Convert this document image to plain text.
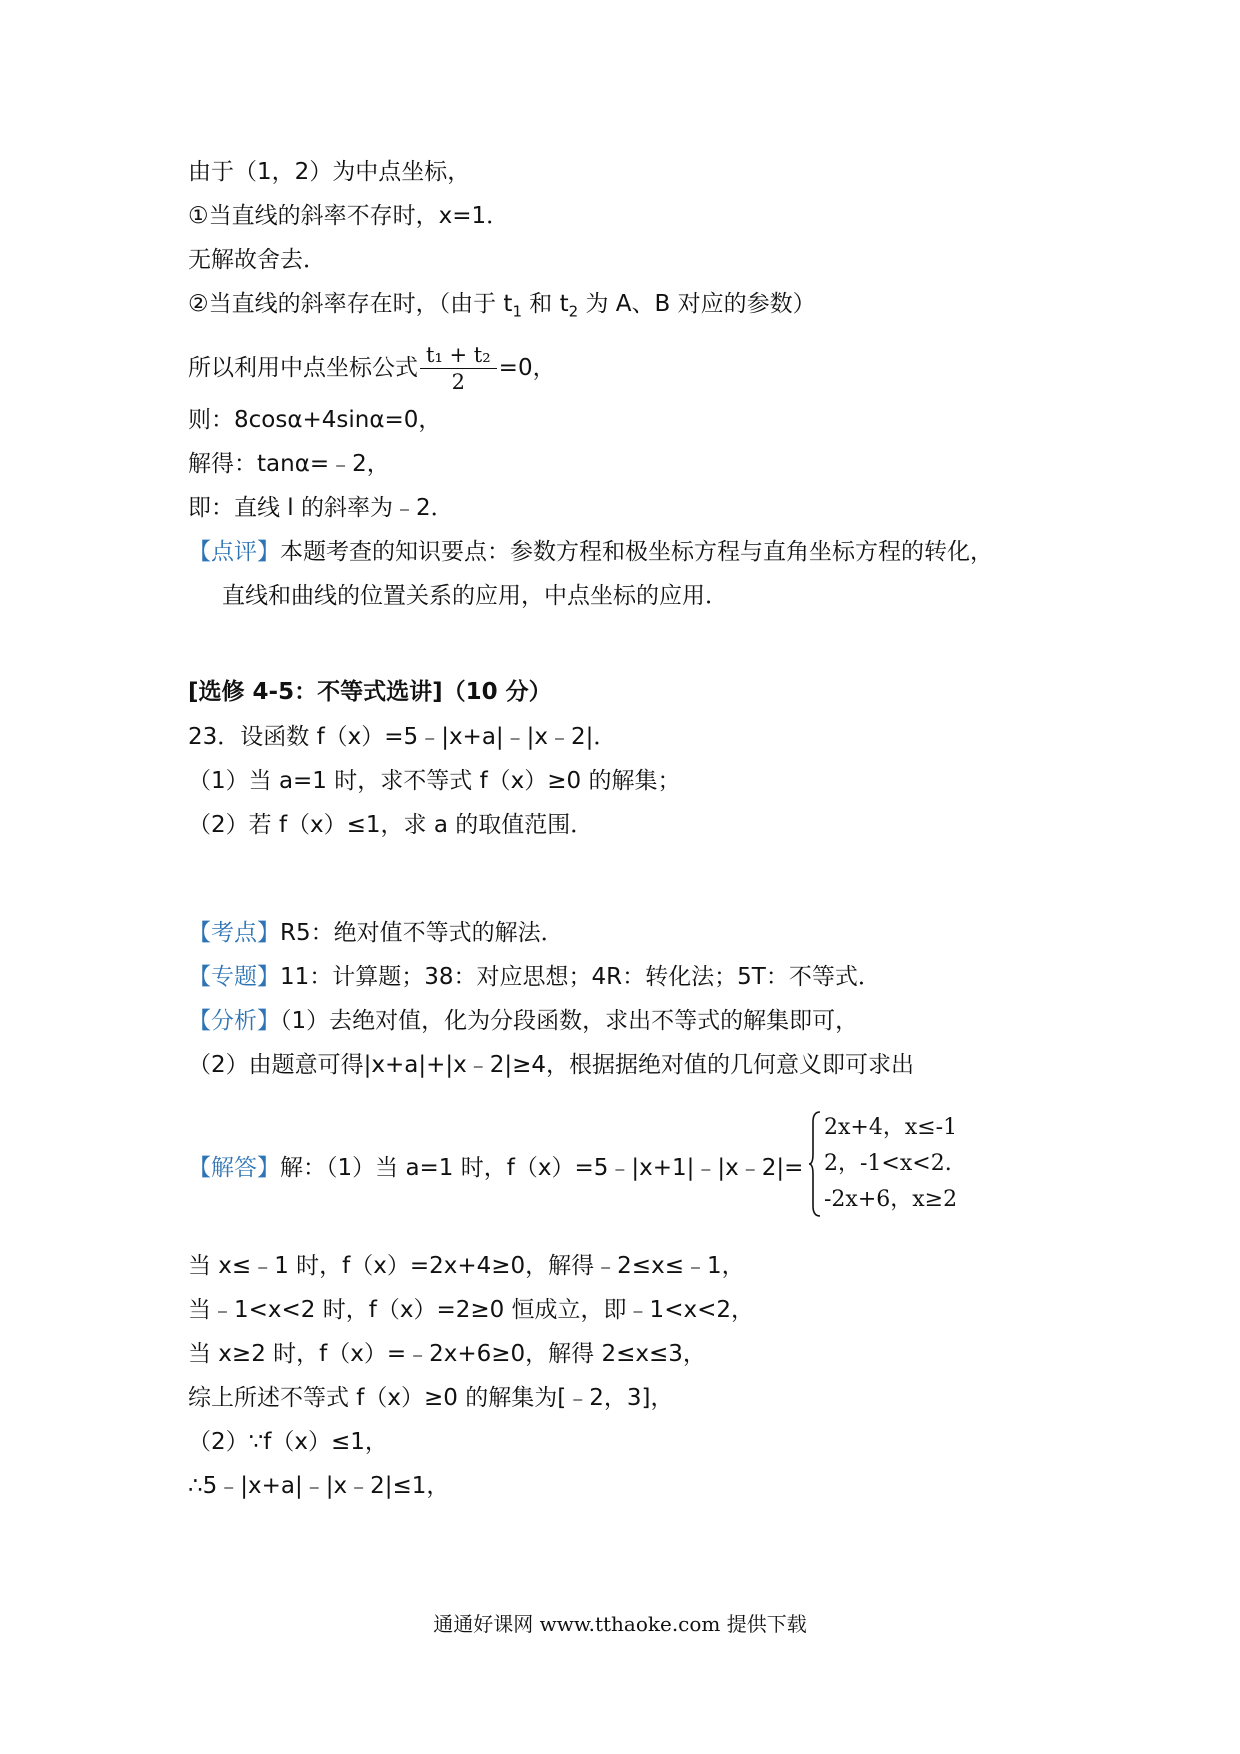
由于（1，2）为中点坐标，
①当直线的斜率不存时，x=1．
无解故舍去．
②当直线的斜率存在时，（由于 $t_1$ 和 $t_2$ 为 A、B 对应的参数）
所以利用中点坐标公式 $\frac{\text{t₁ + t₂}}{2} =0$，
则：8cosα+4sinα=0，
解得：tanα=﹣2，
即：直线 l 的斜率为﹣2．
【点评】本题考查的知识要点：参数方程和极坐标方程与直角坐标方程的转化，
直线和曲线的位置关系的应用，中点坐标的应用．
[选修 4-5：不等式选讲]（10 分）
23．设函数 f（x）=5﹣|x+a|﹣|x﹣2|．
（1）当 a=1 时，求不等式 f（x）≥0 的解集；
（2）若 f（x）≤1，求 a 的取值范围．
【考点】R5：绝对值不等式的解法．
【专题】11：计算题；38：对应思想；4R：转化法；5T：不等式．
【分析】（1）去绝对值，化为分段函数，求出不等式的解集即可，
（2）由题意可得|x+a|+|x﹣2|≥4，根据据绝对值的几何意义即可求出
【解答】解：（1）当 a=1 时，f（x）=5﹣|x+1|﹣|x﹣2|=
2x+4，x≤-1
2，-1<x<2.
-2x+6，x≥2
当 x≤﹣1 时，f（x）=2x+4≥0，解得﹣2≤x≤﹣1，
当﹣1<x<2 时，f（x）=2≥0 恒成立，即﹣1<x<2，
当 x≥2 时，f（x）=﹣2x+6≥0，解得 2≤x≤3，
综上所述不等式 f（x）≥0 的解集为[﹣2，3]，
（2）∵f（x）≤1，
∴5﹣|x+a|﹣|x﹣2|≤1，
通通好课网 www.tthaoke.com 提供下载
